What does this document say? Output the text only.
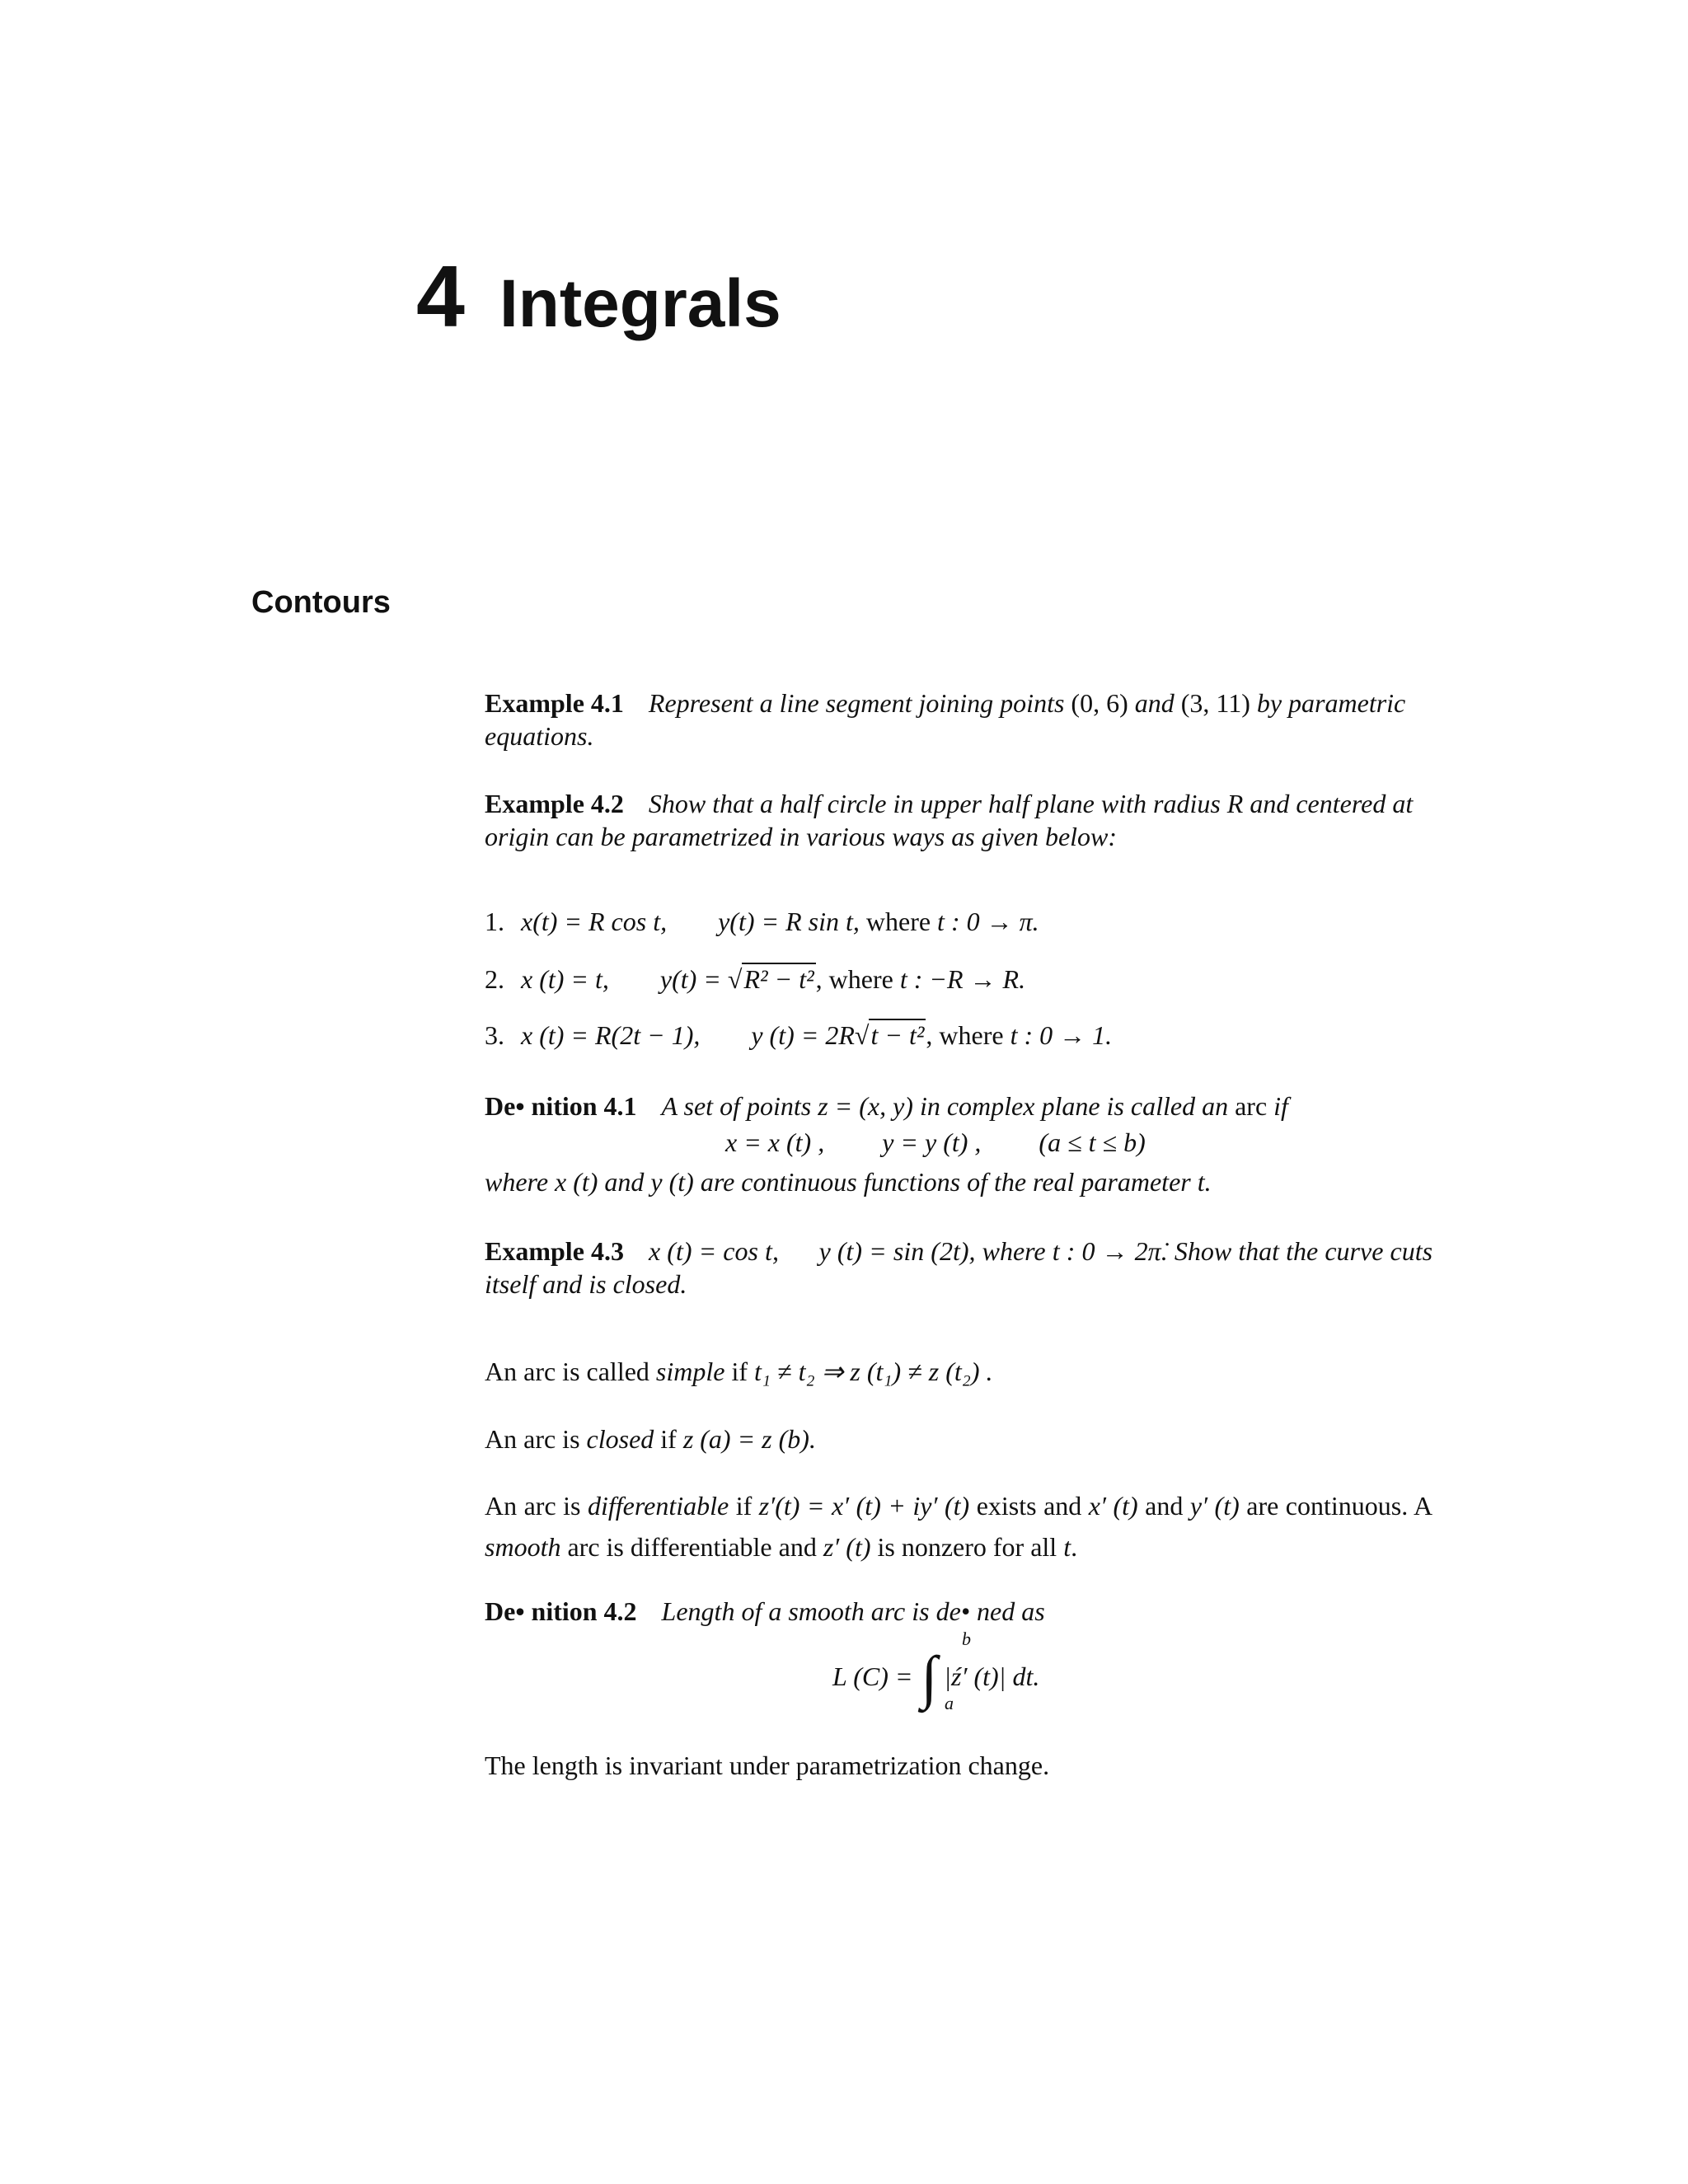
4 Integrals
Contours
Example 4.1 Represent a line segment joining points (0, 6) and (3, 11) by parametric equations.
Example 4.2 Show that a half circle in upper half plane with radius R and centered at origin can be parametrized in various ways as given below:
1. x(t) = R cos t, y(t) = R sin t, where t : 0 → π.
2. x (t) = t, y(t) = √R² − t², where t : −R → R.
3. x (t) = R(2t − 1), y (t) = 2R√t − t², where t : 0 → 1.
De• nition 4.1 A set of points z = (x, y) in complex plane is called an arc if
x = x (t) , y = y (t) , (a ≤ t ≤ b)
where x (t) and y (t) are continuous functions of the real parameter t.
Example 4.3 x (t) = cos t, y (t) = sin (2t), where t : 0 → 2π̇. Show that the curve cuts itself and is closed.
An arc is called simple if t₁ ≠ t₂ ⇒ z (t₁) ≠ z (t₂) .
An arc is closed if z (a) = z (b).
An arc is differentiable if z′(t) = x′ (t) + iy′ (t) exists and x′ (t) and y′ (t) are continuous. A smooth arc is differentiable and z′ (t) is nonzero for all t.
De• nition 4.2 Length of a smooth arc is de• ned as
L (C) = ∫
b
a
|ź′ (t)| dt.
The length is invariant under parametrization change.
